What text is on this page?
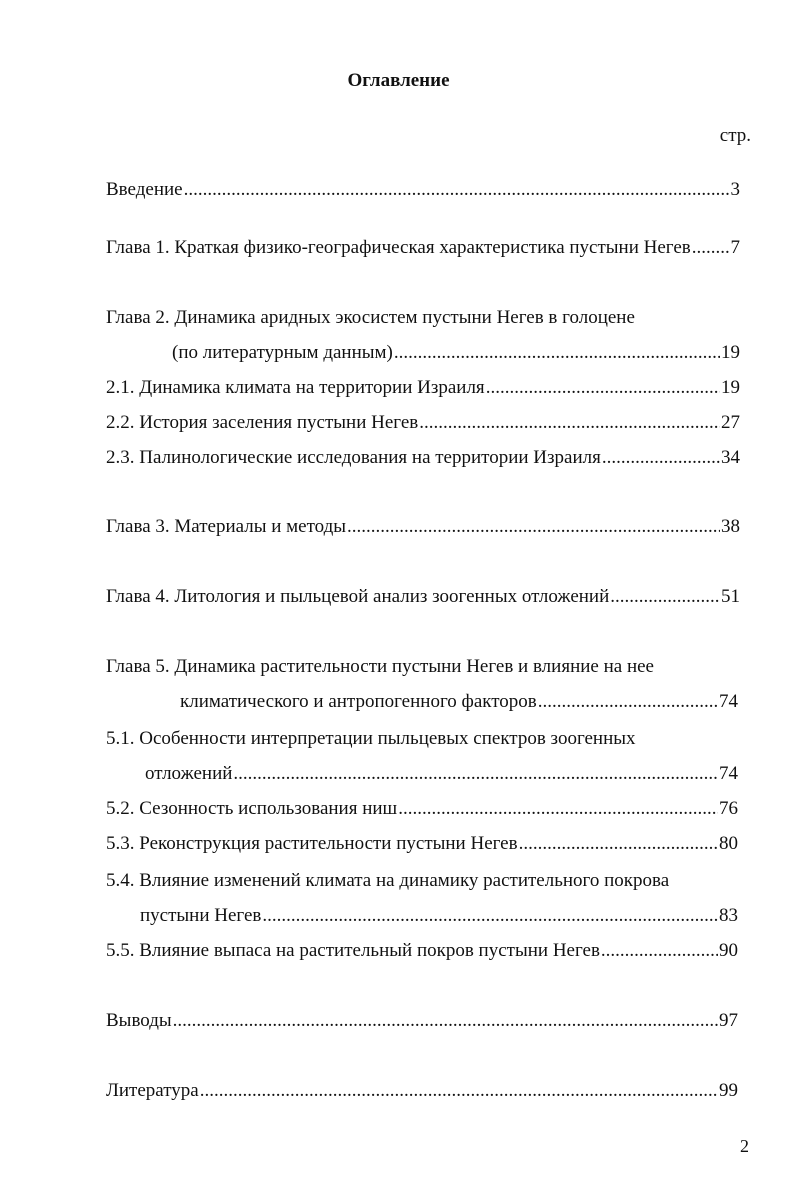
Оглавление
стр.
Введение .....	3
Глава 1. Краткая физико-географическая характеристика пустыни Негев ..... 7
Глава 2. Динамика аридных экосистем пустыни Негев в голоцене
(по литературным данным) .....	19
2.1. Динамика климата на территории Израиля .....	19
2.2. История заселения пустыни Негев .....	27
2.3. Палинологические исследования на территории Израиля .....	34
Глава 3. Материалы и методы .....	38
Глава 4. Литология и пыльцевой анализ зоогенных отложений .....	51
Глава 5. Динамика растительности пустыни Негев и влияние на нее
климатического и антропогенного факторов .....	74
5.1. Особенности интерпретации пыльцевых спектров зоогенных
отложений .....	74
5.2. Сезонность использования ниш .....	76
5.3. Реконструкция растительности пустыни Негев .....	80
5.4. Влияние изменений климата на динамику растительного покрова
пустыни Негев .....	83
5.5. Влияние выпаса на растительный покров пустыни Негев .....	90
Выводы .....	97
Литература .....	99
2
